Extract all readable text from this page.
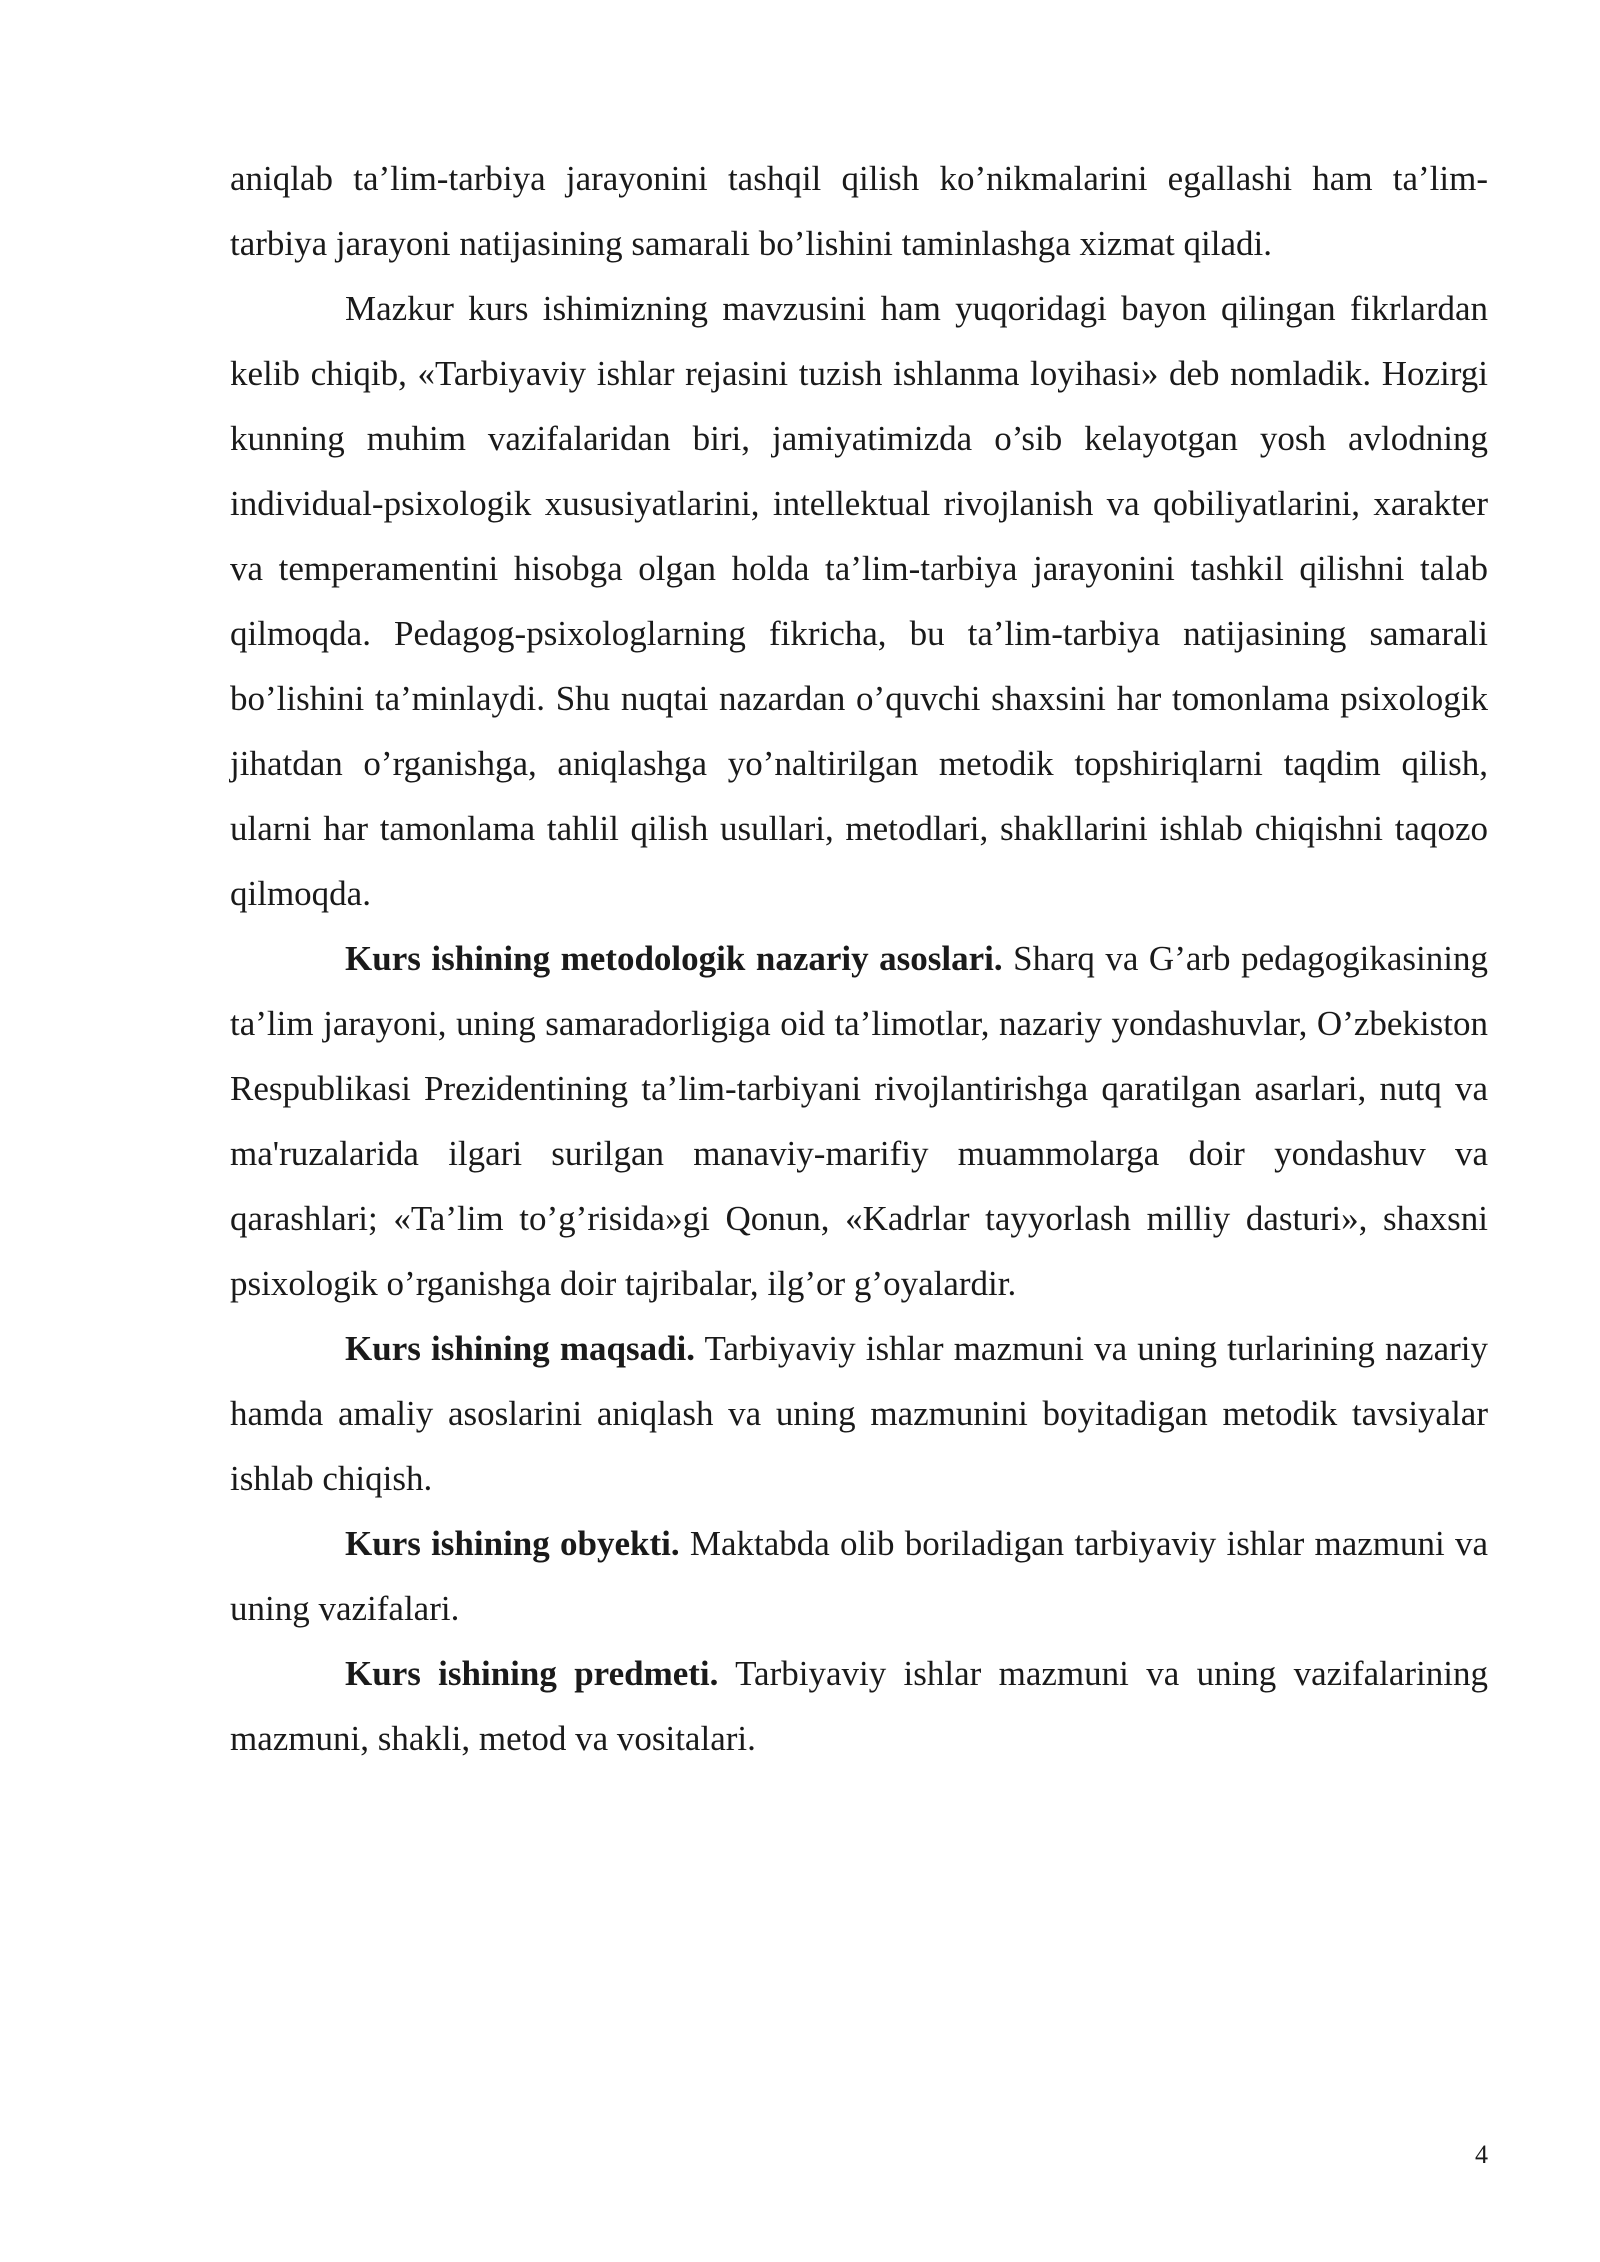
aniqlab ta’lim-tarbiya jarayonini tashqil qilish ko’nikmalarini egallashi ham ta’lim-tarbiya jarayoni natijasining samarali bo’lishini taminlashga xizmat qiladi.

Mazkur kurs ishimizning mavzusini ham yuqoridagi bayon qilingan fikrlardan kelib chiqib, «Tarbiyaviy ishlar rejasini tuzish ishlanma loyihasi» deb nomladik. Hozirgi kunning muhim vazifalaridan biri, jamiyatimizda o’sib kelayotgan yosh avlodning individual-psixologik xususiyatlarini, intellektual rivojlanish va qobiliyatlarini, xarakter va temperamentini hisobga olgan holda ta’lim-tarbiya jarayonini tashkil qilishni talab qilmoqda. Pedagog-psixologlarning fikricha, bu ta’lim-tarbiya natijasining samarali bo’lishini ta’minlaydi. Shu nuqtai nazardan o’quvchi shaxsini har tomonlama psixologik jihatdan o’rganishga, aniqlashga yo’naltirilgan metodik topshiriqlarni taqdim qilish, ularni har tamonlama tahlil qilish usullari, metodlari, shakllarini ishlab chiqishni taqozo qilmoqda.

Kurs ishining metodologik nazariy asoslari. Sharq va G’arb pedagogikasining ta’lim jarayoni, uning samaradorligiga oid ta’limotlar, nazariy yondashuvlar, O’zbekiston Respublikasi Prezidentining ta’lim-tarbiyani rivojlantirishga qaratilgan asarlari, nutq va ma'ruzalarida ilgari surilgan manaviy-marifiy muammolarga doir yondashuv va qarashlari; «Ta’lim to’g’risida»gi Qonun, «Kadrlar tayyorlash milliy dasturi», shaxsni psixologik o’rganishga doir tajribalar, ilg’or g’oyalardir.

Kurs ishining maqsadi. Tarbiyaviy ishlar mazmuni va uning turlarining nazariy hamda amaliy asoslarini aniqlash va uning mazmunini boyitadigan metodik tavsiyalar ishlab chiqish.

Kurs ishining obyekti. Maktabda olib boriladigan tarbiyaviy ishlar mazmuni va uning vazifalari.

Kurs ishining predmeti. Tarbiyaviy ishlar mazmuni va uning vazifalarining mazmuni, shakli, metod va vositalari.

4
